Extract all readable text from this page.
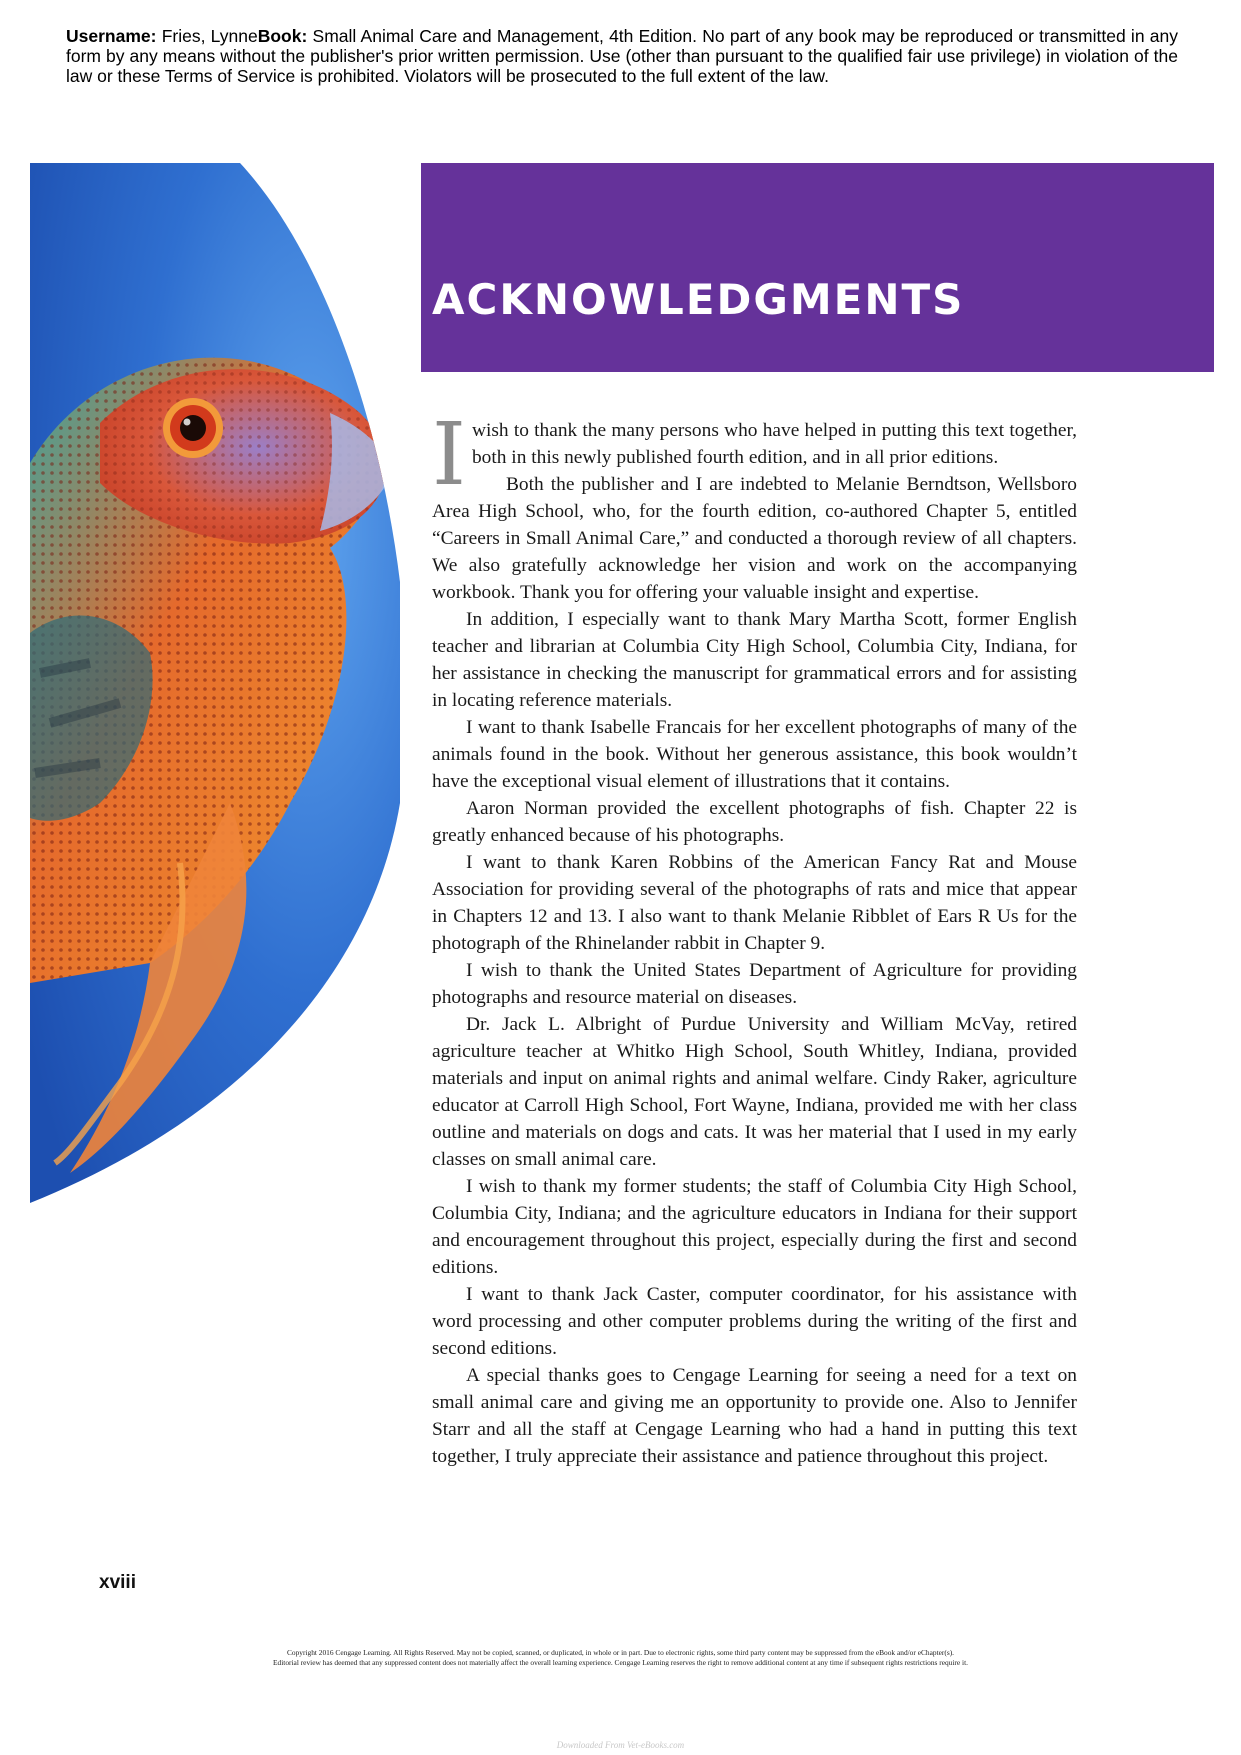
Username: Fries, LynneBook: Small Animal Care and Management, 4th Edition. No part of any book may be reproduced or transmitted in any form by any means without the publisher's prior written permission. Use (other than pursuant to the qualified fair use privilege) in violation of the law or these Terms of Service is prohibited. Violators will be prosecuted to the full extent of the law.
ACKNOWLEDGMENTS

Iwish to thank the many persons who have helped in putting this text together, both in this newly published fourth edition, and in all prior editions.

Both the publisher and I are indebted to Melanie Berndtson, Wellsboro Area High School, who, for the fourth edition, co-authored Chapter 5, entitled “Careers in Small Animal Care,” and conducted a thorough review of all chapters. We also gratefully acknowledge her vision and work on the accompanying workbook. Thank you for offering your valuable insight and expertise.

In addition, I especially want to thank Mary Martha Scott, former English teacher and librarian at Columbia City High School, Columbia City, Indiana, for her assistance in checking the manuscript for grammatical errors and for assisting in locating reference materials.

I want to thank Isabelle Francais for her excellent photographs of many of the animals found in the book. Without her generous assistance, this book wouldn’t have the exceptional visual element of illustrations that it contains.

Aaron Norman provided the excellent photographs of fish. Chapter 22 is greatly enhanced because of his photographs.

I want to thank Karen Robbins of the American Fancy Rat and Mouse Association for providing several of the photographs of rats and mice that appear in Chapters 12 and 13. I also want to thank Melanie Ribblet of Ears R Us for the photograph of the Rhinelander rabbit in Chapter 9.

I wish to thank the United States Department of Agriculture for providing photographs and resource material on diseases.

Dr. Jack L. Albright of Purdue University and William McVay, retired agriculture teacher at Whitko High School, South Whitley, Indiana, provided materials and input on animal rights and animal welfare. Cindy Raker, agriculture educator at Carroll High School, Fort Wayne, Indiana, provided me with her class outline and materials on dogs and cats. It was her material that I used in my early classes on small animal care.

I wish to thank my former students; the staff of Columbia City High School, Columbia City, Indiana; and the agriculture educators in Indiana for their support and encouragement throughout this project, especially during the first and second editions.

I want to thank Jack Caster, computer coordinator, for his assistance with word processing and other computer problems during the writing of the first and second editions.

A special thanks goes to Cengage Learning for seeing a need for a text on small animal care and giving me an opportunity to provide one. Also to Jennifer Starr and all the staff at Cengage Learning who had a hand in putting this text together, I truly appreciate their assistance and patience throughout this project.

xviii
Copyright 2016 Cengage Learning. All Rights Reserved. May not be copied, scanned, or duplicated, in whole or in part. Due to electronic rights, some third party content may be suppressed from the eBook and/or eChapter(s).
Editorial review has deemed that any suppressed content does not materially affect the overall learning experience. Cengage Learning reserves the right to remove additional content at any time if subsequent rights restrictions require it.
Downloaded From Vet-eBooks.com
